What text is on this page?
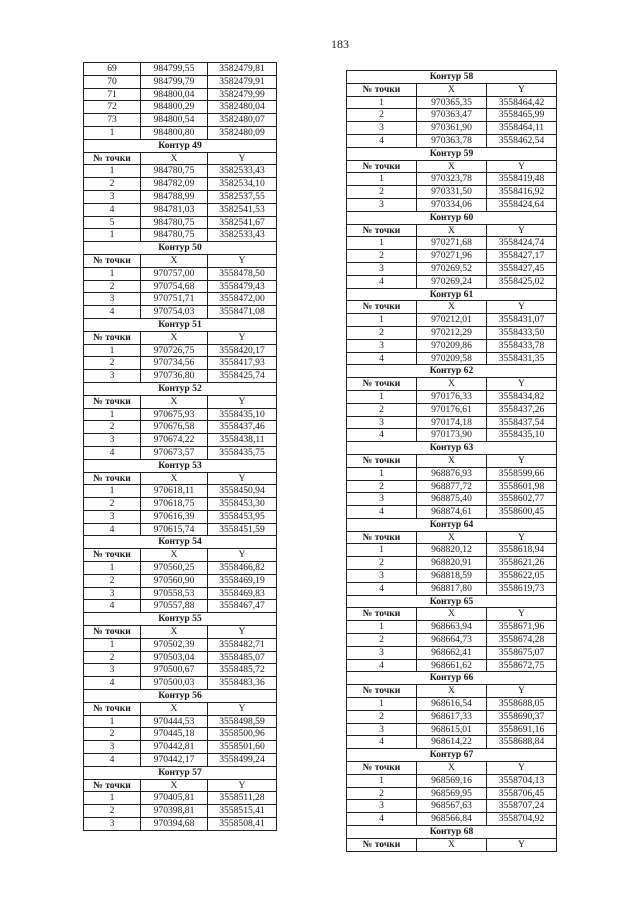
183
69	984799,55	3582479,81
70	984799,79	3582479,91
71	984800,04	3582479,99
72	984800,29	3582480,04
73	984800,54	3582480,07
1	984800,80	3582480,09
Контур 49		
№ точки	X	Y
1	984780,75	3582533,43
2	984782,09	3582534,10
3	984788,99	3582537,55
4	984781,03	3582541,53
5	984780,75	3582541,67
1	984780,75	3582533,43
Контур 50		
№ точки	X	Y
1	970757,00	3558478,50
2	970754,68	3558479,43
3	970751,71	3558472,00
4	970754,03	3558471,08
Контур 51		
№ точки	X	Y
1	970726,75	3558420,17
2	970734,56	3558417,93
3	970736,80	3558425,74
Контур 52		
№ точки	X	Y
1	970675,93	3558435,10
2	970676,58	3558437,46
3	970674,22	3558438,11
4	970673,57	3558435,75
Контур 53		
№ точки	X	Y
1	970618,11	3558450,94
2	970618,75	3558453,30
3	970616,39	3558453,95
4	970615,74	3558451,59
Контур 54		
№ точки	X	Y
1	970560,25	3558466,82
2	970560,90	3558469,19
3	970558,53	3558469,83
4	970557,88	3558467,47
Контур 55		
№ точки	X	Y
1	970502,39	3558482,71
2	970503,04	3558485,07
3	970500,67	3558485,72
4	970500,03	3558483,36
Контур 56		
№ точки	X	Y
1	970444,53	3558498,59
2	970445,18	3558500,96
3	970442,81	3558501,60
4	970442,17	3558499,24
Контур 57		
№ точки	X	Y
1	970405,81	3558511,28
2	970398,81	3558515,41
3	970394,68	3558508,41
Контур 58		
№ точки	X	Y
1	970365,35	3558464,42
2	970363,47	3558465,99
3	970361,90	3558464,11
4	970363,78	3558462,54
Контур 59		
№ точки	X	Y
1	970323,78	3558419,48
2	970331,50	3558416,92
3	970334,06	3558424,64
Контур 60		
№ точки	X	Y
1	970271,68	3558424,74
2	970271,96	3558427,17
3	970269,52	3558427,45
4	970269,24	3558425,02
Контур 61		
№ точки	X	Y
1	970212,01	3558431,07
2	970212,29	3558433,50
3	970209,86	3558433,78
4	970209,58	3558431,35
Контур 62		
№ точки	X	Y
1	970176,33	3558434,82
2	970176,61	3558437,26
3	970174,18	3558437,54
4	970173,90	3558435,10
Контур 63		
№ точки	X	Y
1	968876,93	3558599,66
2	968877,72	3558601,98
3	968875,40	3558602,77
4	968874,61	3558600,45
Контур 64		
№ точки	X	Y
1	968820,12	3558618,94
2	968820,91	3558621,26
3	968818,59	3558622,05
4	968817,80	3558619,73
Контур 65		
№ точки	X	Y
1	968663,94	3558671,96
2	968664,73	3558674,28
3	968662,41	3558675,07
4	968661,62	3558672,75
Контур 66		
№ точки	X	Y
1	968616,54	3558688,05
2	968617,33	3558690,37
3	968615,01	3558691,16
4	968614,22	3558688,84
Контур 67		
№ точки	X	Y
1	968569,16	3558704,13
2	968569,95	3558706,45
3	968567,63	3558707,24
4	968566,84	3558704,92
Контур 68		
№ точки	X	Y
